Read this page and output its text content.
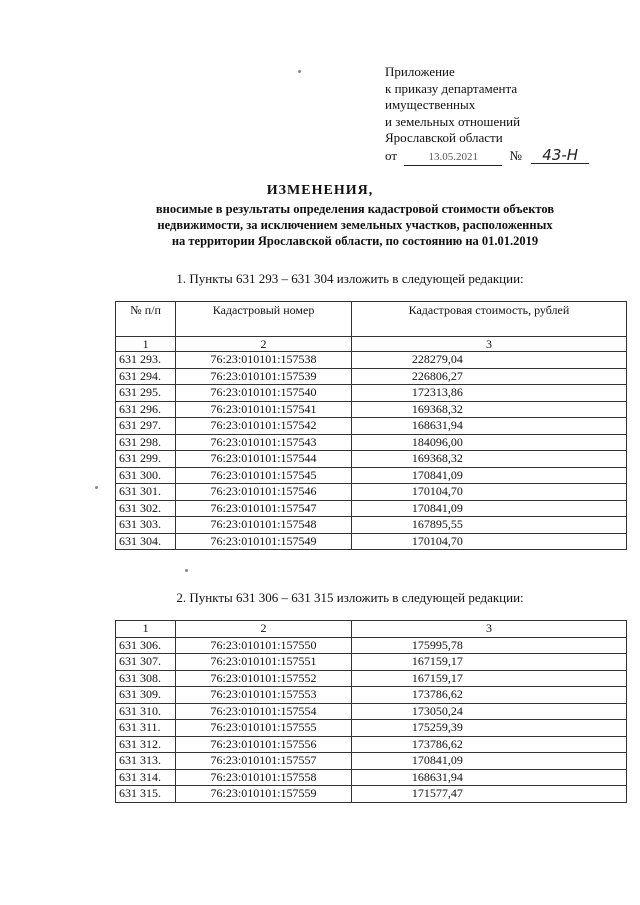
Приложение
к приказу департамента
имущественных
и земельных отношений
Ярославской области
от	13.05.2021 № 43-Н
ИЗМЕНЕНИЯ,
вносимые в результаты определения кадастровой стоимости объектов
недвижимости, за исключением земельных участков, расположенных
на территории Ярославской области, по состоянию на 01.01.2019
1. Пункты 631 293 – 631 304 изложить в следующей редакции:
№ п/п	Кадастровый номер	Кадастровая стоимость, рублей
1	2	3
631 293.	76:23:010101:157538	228279,04
631 294.	76:23:010101:157539	226806,27
631 295.	76:23:010101:157540	172313,86
631 296.	76:23:010101:157541	169368,32
631 297.	76:23:010101:157542	168631,94
631 298.	76:23:010101:157543	184096,00
631 299.	76:23:010101:157544	169368,32
631 300.	76:23:010101:157545	170841,09
631 301.	76:23:010101:157546	170104,70
631 302.	76:23:010101:157547	170841,09
631 303.	76:23:010101:157548	167895,55
631 304.	76:23:010101:157549	170104,70
2. Пункты 631 306 – 631 315 изложить в следующей редакции:
1	2	3
631 306.	76:23:010101:157550	175995,78
631 307.	76:23:010101:157551	167159,17
631 308.	76:23:010101:157552	167159,17
631 309.	76:23:010101:157553	173786,62
631 310.	76:23:010101:157554	173050,24
631 311.	76:23:010101:157555	175259,39
631 312.	76:23:010101:157556	173786,62
631 313.	76:23:010101:157557	170841,09
631 314.	76:23:010101:157558	168631,94
631 315.	76:23:010101:157559	171577,47
